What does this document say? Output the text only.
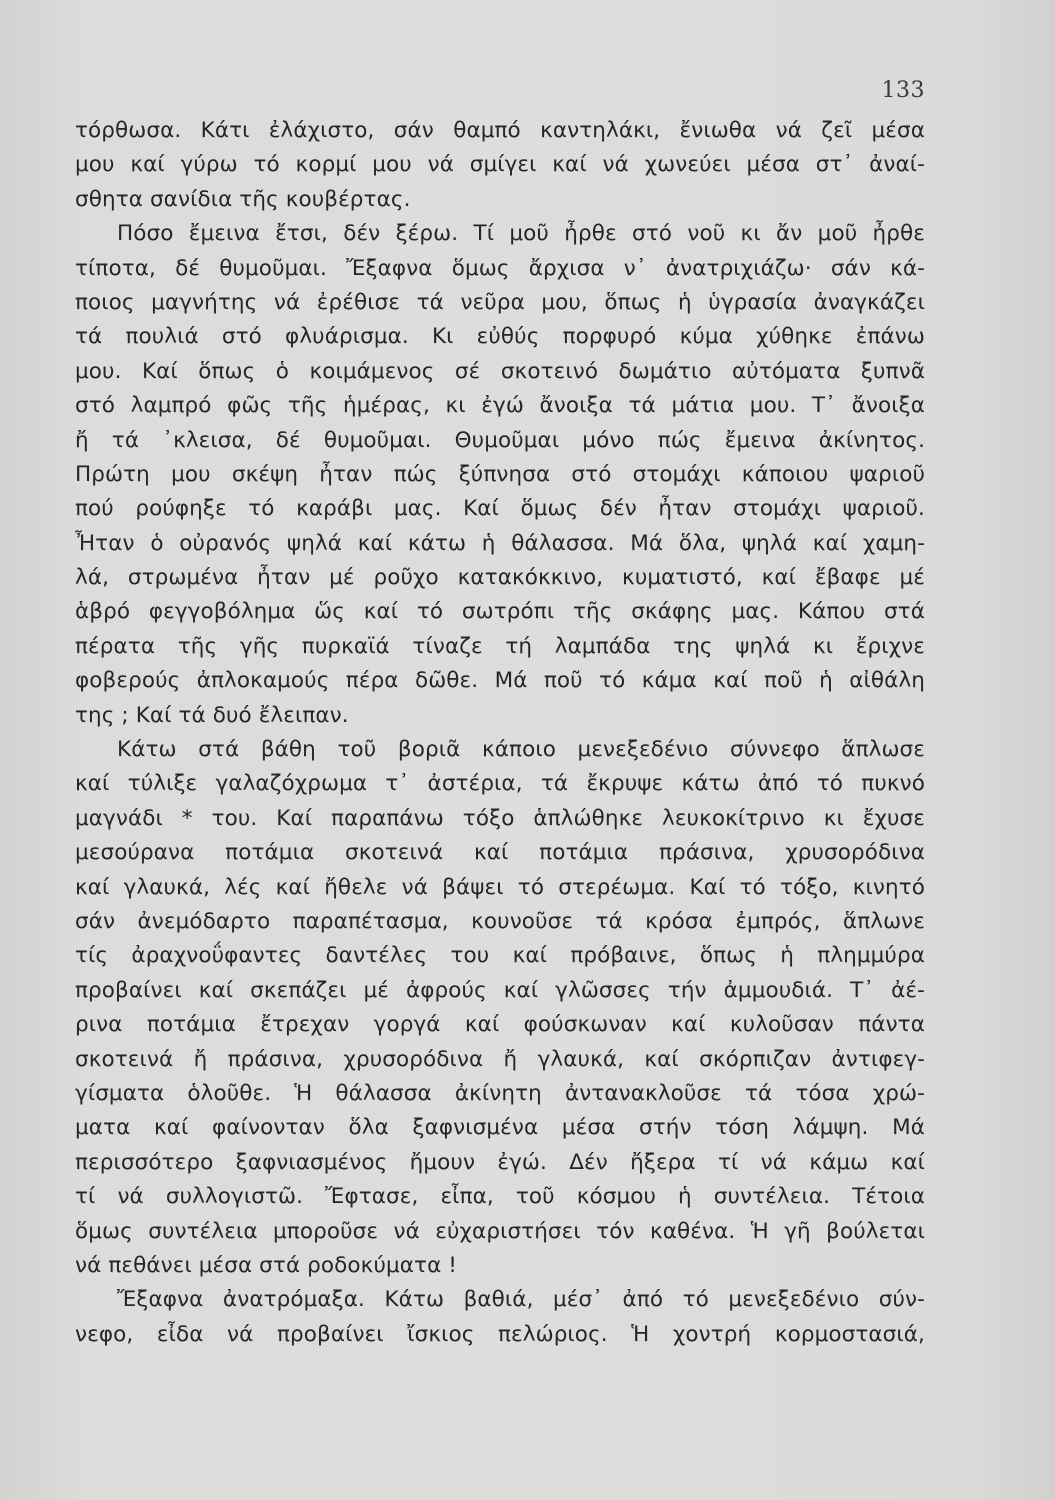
133
τόρθωσα. Κάτι ἐλάχιστο, σάν θαμπό καντηλάκι, ἔνιωθα νά ζεῖ μέσα
μου καί γύρω τό κορμί μου νά σμίγει καί νά χωνεύει μέσα στ᾽ ἀναί-
σθητα σανίδια τῆς κουβέρτας.
Πόσο ἔμεινα ἔτσι, δέν ξέρω. Τί μοῦ ἦρθε στό νοῦ κι ἄν μοῦ ἦρθε
τίποτα, δέ θυμοῦμαι. Ἔξαφνα ὅμως ἄρχισα ν᾽ ἀνατριχιάζω· σάν κά-
ποιος μαγνήτης νά ἐρέθισε τά νεῦρα μου, ὅπως ἡ ὑγρασία ἀναγκάζει
τά πουλιά στό φλυάρισμα. Κι εὐθύς πορφυρό κύμα χύθηκε ἐπάνω
μου. Καί ὅπως ὁ κοιμάμενος σέ σκοτεινό δωμάτιο αὐτόματα ξυπνᾶ
στό λαμπρό φῶς τῆς ἡμέρας, κι ἐγώ ἄνοιξα τά μάτια μου. Τ᾽ ἄνοιξα
ἤ τά ᾽κλεισα, δέ θυμοῦμαι. Θυμοῦμαι μόνο πώς ἔμεινα ἀκίνητος.
Πρώτη μου σκέψη ἦταν πώς ξύπνησα στό στομάχι κάποιου ψαριοῦ
πού ρούφηξε τό καράβι μας. Καί ὅμως δέν ἦταν στομάχι ψαριοῦ.
Ἦταν ὁ οὐρανός ψηλά καί κάτω ἡ θάλασσα. Μά ὅλα, ψηλά καί χαμη-
λά, στρωμένα ἦταν μέ ροῦχο κατακόκκινο, κυματιστό, καί ἔβαφε μέ
ἁβρό φεγγοβόλημα ὥς καί τό σωτρόπι τῆς σκάφης μας. Κάπου στά
πέρατα τῆς γῆς πυρκαϊά τίναζε τή λαμπάδα της ψηλά κι ἔριχνε
φοβερούς ἀπλοκαμούς πέρα δῶθε. Μά ποῦ τό κάμα καί ποῦ ἡ αἰθάλη
της ; Καί τά δυό ἔλειπαν.
Κάτω στά βάθη τοῦ βοριᾶ κάποιο μενεξεδένιο σύννεφο ἅπλωσε
καί τύλιξε γαλαζόχρωμα τ᾽ ἀστέρια, τά ἔκρυψε κάτω ἀπό τό πυκνό
μαγνάδι * του. Καί παραπάνω τόξο ἁπλώθηκε λευκοκίτρινο κι ἔχυσε
μεσούρανα ποτάμια σκοτεινά καί ποτάμια πράσινα, χρυσορόδινα
καί γλαυκά, λές καί ἤθελε νά βάψει τό στερέωμα. Καί τό τόξο, κινητό
σάν ἀνεμόδαρτο παραπέτασμα, κουνοῦσε τά κρόσα ἐμπρός, ἅπλωνε
τίς ἀραχνοΰφαντες δαντέλες του καί πρόβαινε, ὅπως ἡ πλημμύρα
προβαίνει καί σκεπάζει μέ ἀφρούς καί γλῶσσες τήν ἀμμουδιά. Τ᾽ ἀέ-
ρινα ποτάμια ἔτρεχαν γοργά καί φούσκωναν καί κυλοῦσαν πάντα
σκοτεινά ἤ πράσινα, χρυσορόδινα ἤ γλαυκά, καί σκόρπιζαν ἀντιφεγ-
γίσματα ὁλοῦθε. Ἡ θάλασσα ἀκίνητη ἀντανακλοῦσε τά τόσα χρώ-
ματα καί φαίνονταν ὅλα ξαφνισμένα μέσα στήν τόση λάμψη. Μά
περισσότερο ξαφνιασμένος ἤμουν ἐγώ. Δέν ἤξερα τί νά κάμω καί
τί νά συλλογιστῶ. Ἔφτασε, εἶπα, τοῦ κόσμου ἡ συντέλεια. Τέτοια
ὅμως συντέλεια μποροῦσε νά εὐχαριστήσει τόν καθένα. Ἡ γῆ βούλεται
νά πεθάνει μέσα στά ροδοκύματα !
Ἔξαφνα ἀνατρόμαξα. Κάτω βαθιά, μέσ᾽ ἀπό τό μενεξεδένιο σύν-
νεφο, εἶδα νά προβαίνει ἴσκιος πελώριος. Ἡ χοντρή κορμοστασιά,
